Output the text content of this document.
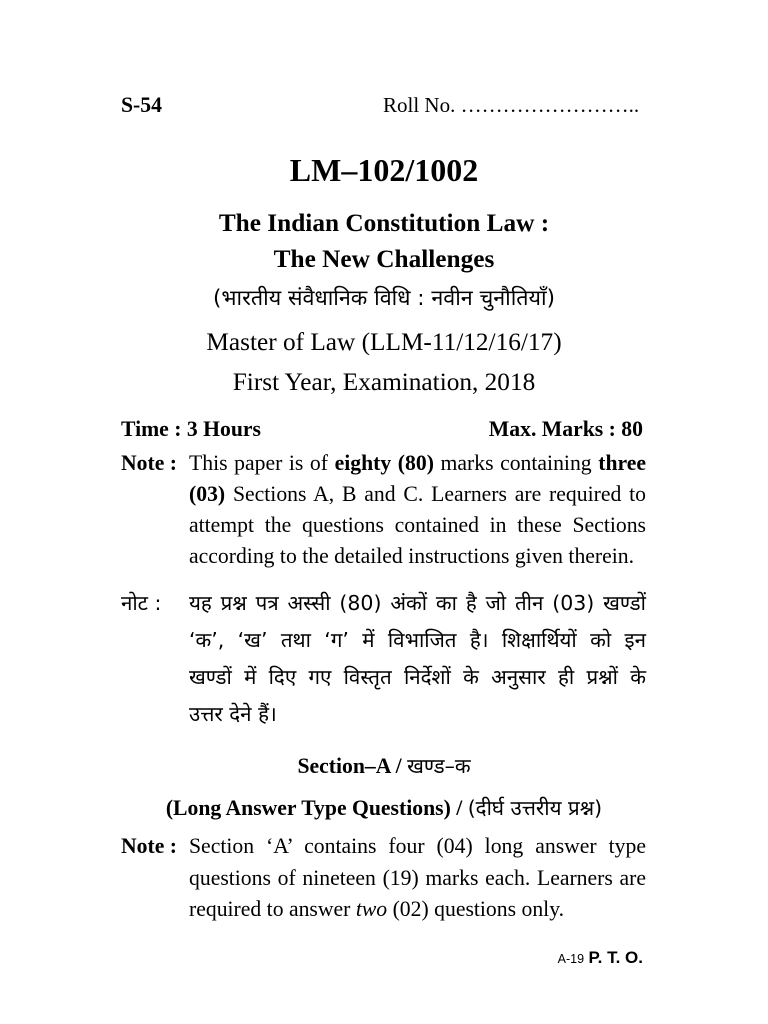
S-54	Roll No. ……………………..
LM–102/1002
The Indian Constitution Law :
The New Challenges
(भारतीय संवैधानिक विधि : नवीन चुनौतियाँ)
Master of Law (LLM-11/12/16/17)
First Year, Examination, 2018
Time : 3 Hours	Max. Marks : 80
Note : This paper is of eighty (80) marks containing three
(03) Sections A, B and C. Learners are required to
attempt the questions contained in these Sections
according to the detailed instructions given therein.
नोट : यह प्रश्न पत्र अस्सी (80) अंकों का है जो तीन (03) खण्डों
‘क’, ‘ख’ तथा ‘ग’ में विभाजित है। शिक्षार्थियों को इन
खण्डों में दिए गए विस्तृत निर्देशों के अनुसार ही प्रश्नों के
उत्तर देने हैं।
Section–A / खण्ड–क
(Long Answer Type Questions) / (दीर्घ उत्तरीय प्रश्न)
Note : Section ‘A’ contains four (04) long answer type
questions of nineteen (19) marks each. Learners are
required to answer two (02) questions only.
A-19 P. T. O.
